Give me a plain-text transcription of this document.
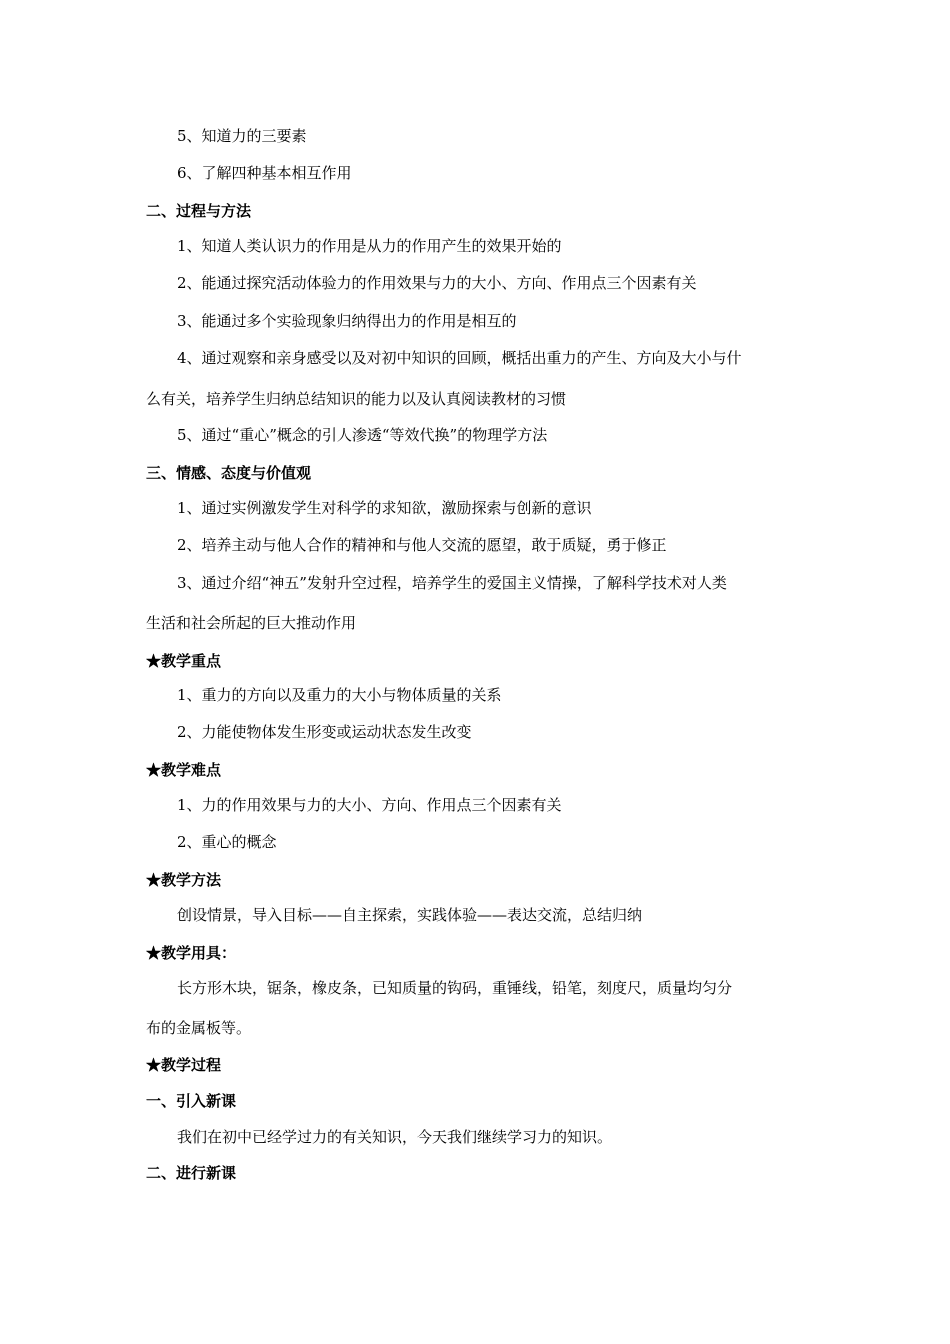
5、知道力的三要素
6、了解四种基本相互作用
二、过程与方法
1、知道人类认识力的作用是从力的作用产生的效果开始的
2、能通过探究活动体验力的作用效果与力的大小、方向、作用点三个因素有关
3、能通过多个实验现象归纳得出力的作用是相互的
4、通过观察和亲身感受以及对初中知识的回顾，概括出重力的产生、方向及大小与什
么有关，培养学生归纳总结知识的能力以及认真阅读教材的习惯
5、通过“重心”概念的引人渗透“等效代换”的物理学方法
三、情感、态度与价值观
1、通过实例激发学生对科学的求知欲，激励探索与创新的意识
2、培养主动与他人合作的精神和与他人交流的愿望，敢于质疑，勇于修正
3、通过介绍“神五”发射升空过程，培养学生的爱国主义情操，了解科学技术对人类
生活和社会所起的巨大推动作用
★教学重点
1、重力的方向以及重力的大小与物体质量的关系
2、力能使物体发生形变或运动状态发生改变
★教学难点
1、力的作用效果与力的大小、方向、作用点三个因素有关
2、重心的概念
★教学方法
创设情景，导入目标——自主探索，实践体验——表达交流，总结归纳
★教学用具：
长方形木块，锯条，橡皮条，已知质量的钩码，重锤线，铅笔，刻度尺，质量均匀分
布的金属板等。
★教学过程
一、引入新课
我们在初中已经学过力的有关知识，今天我们继续学习力的知识。
二、进行新课
